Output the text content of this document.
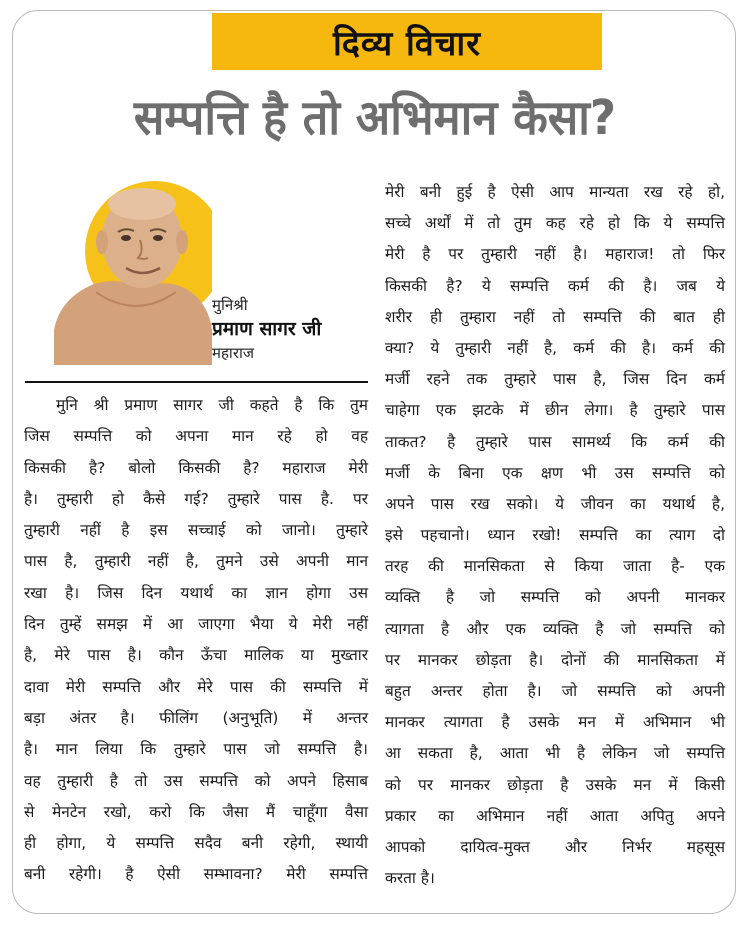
दिव्य विचार
सम्पत्ति है तो अभिमान कैसा?
मुनिश्री
प्रमाण सागर जी
महाराज
मुनि श्री प्रमाण सागर जी कहते है कि तुम
जिस सम्पत्ति को अपना मान रहे हो वह
किसकी है? बोलो किसकी है? महाराज मेरी
है। तुम्हारी हो कैसे गई? तुम्हारे पास है. पर
तुम्हारी नहीं है इस सच्चाई को जानो। तुम्हारे
पास है, तुम्हारी नहीं है, तुमने उसे अपनी मान
रखा है। जिस दिन यथार्थ का ज्ञान होगा उस
दिन तुम्हें समझ में आ जाएगा भैया ये मेरी नहीं
है, मेरे पास है। कौन ऊँचा मालिक या मुख्तार
दावा मेरी सम्पत्ति और मेरे पास की सम्पत्ति में
बड़ा अंतर है। फीलिंग (अनुभूति) में अन्तर
है। मान लिया कि तुम्हारे पास जो सम्पत्ति है।
वह तुम्हारी है तो उस सम्पत्ति को अपने हिसाब
से मेनटेन रखो, करो कि जैसा मैं चाहूँगा वैसा
ही होगा, ये सम्पत्ति सदैव बनी रहेगी, स्थायी
बनी रहेगी। है ऐसी सम्भावना? मेरी सम्पत्ति
मेरी बनी हुई है ऐसी आप मान्यता रख रहे हो,
सच्चे अर्थों में तो तुम कह रहे हो कि ये सम्पत्ति
मेरी है पर तुम्हारी नहीं है। महाराज! तो फिर
किसकी है? ये सम्पत्ति कर्म की है। जब ये
शरीर ही तुम्हारा नहीं तो सम्पत्ति की बात ही
क्या? ये तुम्हारी नहीं है, कर्म की है। कर्म की
मर्जी रहने तक तुम्हारे पास है, जिस दिन कर्म
चाहेगा एक झटके में छीन लेगा। है तुम्हारे पास
ताकत? है तुम्हारे पास सामर्थ्य कि कर्म की
मर्जी के बिना एक क्षण भी उस सम्पत्ति को
अपने पास रख सको। ये जीवन का यथार्थ है,
इसे पहचानो। ध्यान रखो! सम्पत्ति का त्याग दो
तरह की मानसिकता से किया जाता है- एक
व्यक्ति है जो सम्पत्ति को अपनी मानकर
त्यागता है और एक व्यक्ति है जो सम्पत्ति को
पर मानकर छोड़ता है। दोनों की मानसिकता में
बहुत अन्तर होता है। जो सम्पत्ति को अपनी
मानकर त्यागता है उसके मन में अभिमान भी
आ सकता है, आता भी है लेकिन जो सम्पत्ति
को पर मानकर छोड़ता है उसके मन में किसी
प्रकार का अभिमान नहीं आता अपितु अपने
आपको दायित्व-मुक्त और निर्भर महसूस
करता है।
